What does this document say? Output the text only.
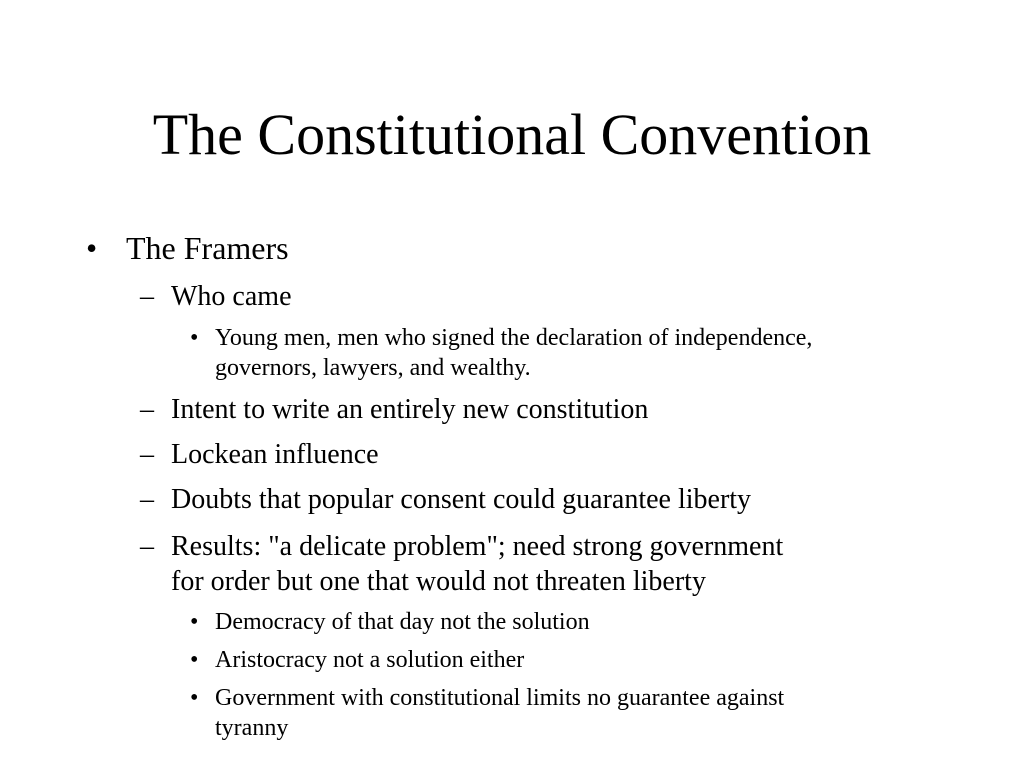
The Constitutional Convention
• The Framers
– Who came
• Young men, men who signed the declaration of independence,
governors, lawyers, and wealthy.
– Intent to write an entirely new constitution
– Lockean influence
– Doubts that popular consent could guarantee liberty
– Results: "a delicate problem"; need strong government
for order but one that would not threaten liberty
• Democracy of that day not the solution
• Aristocracy not a solution either
• Government with constitutional limits no guarantee against
tyranny
